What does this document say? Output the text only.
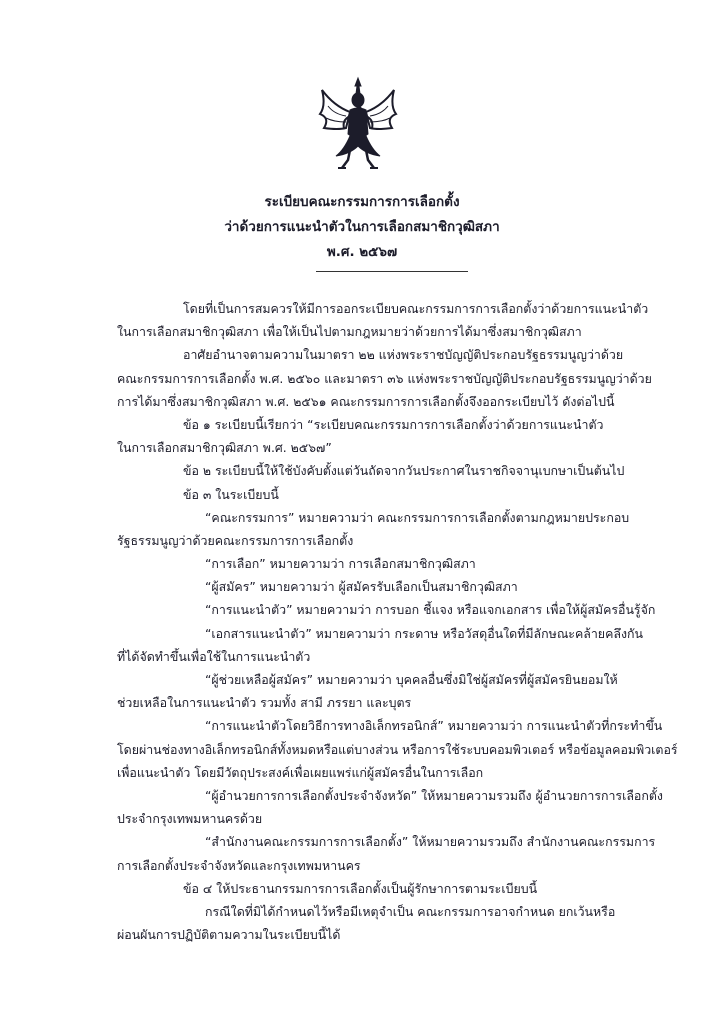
ระเบียบคณะกรรมการการเลือกตั้ง
ว่าด้วยการแนะนำตัวในการเลือกสมาชิกวุฒิสภา
พ.ศ. ๒๕๖๗
โดยที่เป็นการสมควรให้มีการออกระเบียบคณะกรรมการการเลือกตั้งว่าด้วยการแนะนำตัว
ในการเลือกสมาชิกวุฒิสภา เพื่อให้เป็นไปตามกฎหมายว่าด้วยการได้มาซึ่งสมาชิกวุฒิสภา
อาศัยอำนาจตามความในมาตรา ๒๒ แห่งพระราชบัญญัติประกอบรัฐธรรมนูญว่าด้วย
คณะกรรมการการเลือกตั้ง พ.ศ. ๒๕๖๐ และมาตรา ๓๖ แห่งพระราชบัญญัติประกอบรัฐธรรมนูญว่าด้วย
การได้มาซึ่งสมาชิกวุฒิสภา พ.ศ. ๒๕๖๑ คณะกรรมการการเลือกตั้งจึงออกระเบียบไว้ ดังต่อไปนี้
ข้อ ๑ ระเบียบนี้เรียกว่า “ระเบียบคณะกรรมการการเลือกตั้งว่าด้วยการแนะนำตัว
ในการเลือกสมาชิกวุฒิสภา พ.ศ. ๒๕๖๗”
ข้อ ๒ ระเบียบนี้ให้ใช้บังคับตั้งแต่วันถัดจากวันประกาศในราชกิจจานุเบกษาเป็นต้นไป
ข้อ ๓ ในระเบียบนี้
“คณะกรรมการ” หมายความว่า คณะกรรมการการเลือกตั้งตามกฎหมายประกอบ
รัฐธรรมนูญว่าด้วยคณะกรรมการการเลือกตั้ง
“การเลือก” หมายความว่า การเลือกสมาชิกวุฒิสภา
“ผู้สมัคร” หมายความว่า ผู้สมัครรับเลือกเป็นสมาชิกวุฒิสภา
“การแนะนำตัว” หมายความว่า การบอก ชี้แจง หรือแจกเอกสาร เพื่อให้ผู้สมัครอื่นรู้จัก
“เอกสารแนะนำตัว” หมายความว่า กระดาษ หรือวัสดุอื่นใดที่มีลักษณะคล้ายคลึงกัน
ที่ได้จัดทำขึ้นเพื่อใช้ในการแนะนำตัว
“ผู้ช่วยเหลือผู้สมัคร” หมายความว่า บุคคลอื่นซึ่งมิใช่ผู้สมัครที่ผู้สมัครยินยอมให้
ช่วยเหลือในการแนะนำตัว รวมทั้ง สามี ภรรยา และบุตร
“การแนะนำตัวโดยวิธีการทางอิเล็กทรอนิกส์” หมายความว่า การแนะนำตัวที่กระทำขึ้น
โดยผ่านช่องทางอิเล็กทรอนิกส์ทั้งหมดหรือแต่บางส่วน หรือการใช้ระบบคอมพิวเตอร์ หรือข้อมูลคอมพิวเตอร์
เพื่อแนะนำตัว โดยมีวัตถุประสงค์เพื่อเผยแพร่แก่ผู้สมัครอื่นในการเลือก
“ผู้อำนวยการการเลือกตั้งประจำจังหวัด” ให้หมายความรวมถึง ผู้อำนวยการการเลือกตั้ง
ประจำกรุงเทพมหานครด้วย
“สำนักงานคณะกรรมการการเลือกตั้ง” ให้หมายความรวมถึง สำนักงานคณะกรรมการ
การเลือกตั้งประจำจังหวัดและกรุงเทพมหานคร
ข้อ ๔ ให้ประธานกรรมการการเลือกตั้งเป็นผู้รักษาการตามระเบียบนี้
กรณีใดที่มิได้กำหนดไว้หรือมีเหตุจำเป็น คณะกรรมการอาจกำหนด ยกเว้นหรือ
ผ่อนผันการปฏิบัติตามความในระเบียบนี้ได้
